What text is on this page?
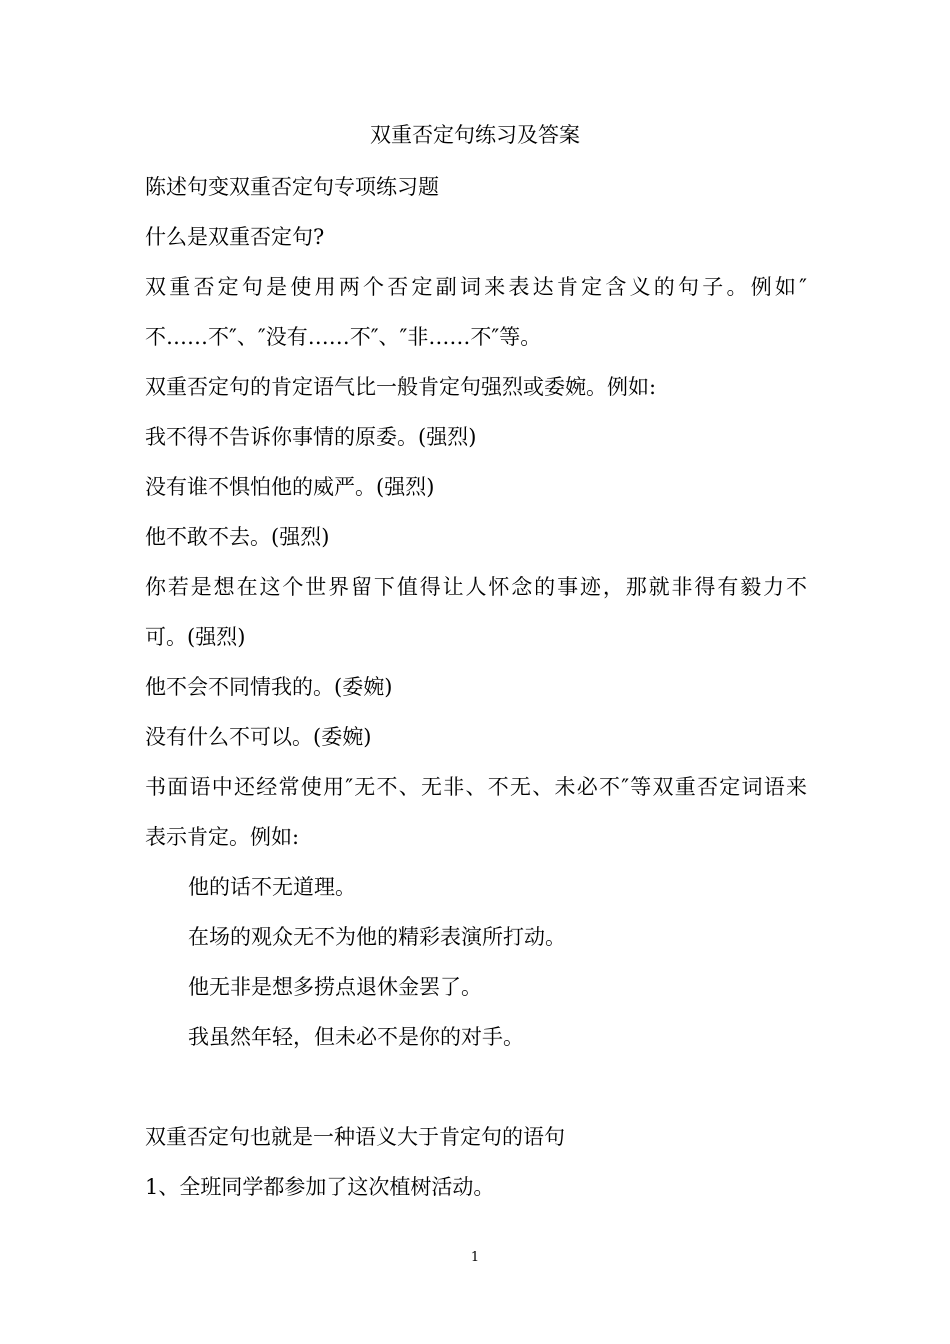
双重否定句练习及答案
陈述句变双重否定句专项练习题
什么是双重否定句?
双重否定句是使用两个否定副词来表达肯定含义的句子。例如″
不……不″、″没有……不″、″非……不″等。
双重否定句的肯定语气比一般肯定句强烈或委婉。例如:
我不得不告诉你事情的原委。(强烈)
没有谁不惧怕他的威严。(强烈)
他不敢不去。(强烈)
你若是想在这个世界留下值得让人怀念的事迹，那就非得有毅力不
可。(强烈)
他不会不同情我的。(委婉)
没有什么不可以。(委婉)
书面语中还经常使用″无不、无非、不无、未必不″等双重否定词语来
表示肯定。例如:
他的话不无道理。
在场的观众无不为他的精彩表演所打动。
他无非是想多捞点退休金罢了。
我虽然年轻，但未必不是你的对手。
双重否定句也就是一种语义大于肯定句的语句
1、全班同学都参加了这次植树活动。
1
